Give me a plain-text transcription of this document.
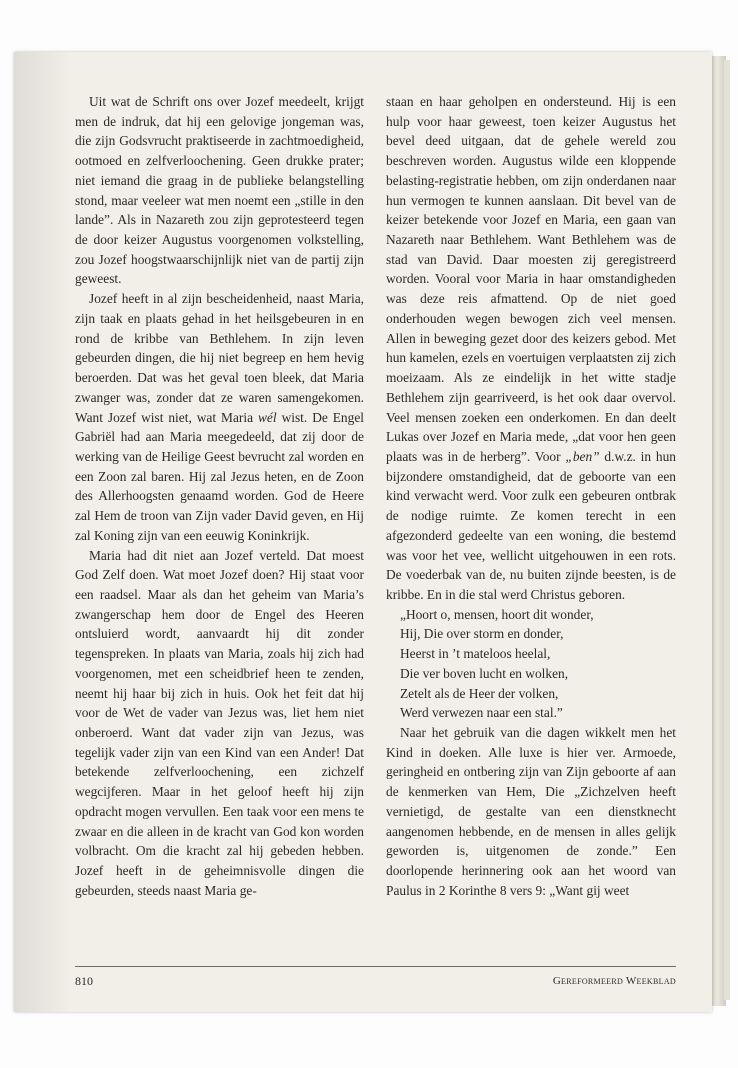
Uit wat de Schrift ons over Jozef meedeelt, krijgt men de indruk, dat hij een gelovige jongeman was, die zijn Godsvrucht praktiseerde in zachtmoedigheid, ootmoed en zelfverloochening. Geen drukke prater; niet iemand die graag in de publieke belangstelling stond, maar veeleer wat men noemt een „stille in den lande”. Als in Nazareth zou zijn geprotesteerd tegen de door keizer Augustus voorgenomen volkstelling, zou Jozef hoogstwaarschijnlijk niet van de partij zijn geweest.

Jozef heeft in al zijn bescheidenheid, naast Maria, zijn taak en plaats gehad in het heilsgebeuren in en rond de kribbe van Bethlehem. In zijn leven gebeurden dingen, die hij niet begreep en hem hevig beroerden. Dat was het geval toen bleek, dat Maria zwanger was, zonder dat ze waren samengekomen. Want Jozef wist niet, wat Maria wél wist. De Engel Gabriël had aan Maria meegedeeld, dat zij door de werking van de Heilige Geest bevrucht zal worden en een Zoon zal baren. Hij zal Jezus heten, en de Zoon des Allerhoogsten genaamd worden. God de Heere zal Hem de troon van Zijn vader David geven, en Hij zal Koning zijn van een eeuwig Koninkrijk.

Maria had dit niet aan Jozef verteld. Dat moest God Zelf doen. Wat moet Jozef doen? Hij staat voor een raadsel. Maar als dan het geheim van Maria’s zwangerschap hem door de Engel des Heeren ontsluierd wordt, aanvaardt hij dit zonder tegenspreken. In plaats van Maria, zoals hij zich had voorgenomen, met een scheidbrief heen te zenden, neemt hij haar bij zich in huis. Ook het feit dat hij voor de Wet de vader van Jezus was, liet hem niet onberoerd. Want dat vader zijn van Jezus, was tegelijk vader zijn van een Kind van een Ander! Dat betekende zelfverloochening, een zichzelf wegcijferen. Maar in het geloof heeft hij zijn opdracht mogen vervullen. Een taak voor een mens te zwaar en die alleen in de kracht van God kon worden volbracht. Om die kracht zal hij gebeden hebben. Jozef heeft in de geheimnisvolle dingen die gebeurden, steeds naast Maria ge-

staan en haar geholpen en ondersteund. Hij is een hulp voor haar geweest, toen keizer Augustus het bevel deed uitgaan, dat de gehele wereld zou beschreven worden. Augustus wilde een kloppende belasting-registratie hebben, om zijn onderdanen naar hun vermogen te kunnen aanslaan. Dit bevel van de keizer betekende voor Jozef en Maria, een gaan van Nazareth naar Bethlehem. Want Bethlehem was de stad van David. Daar moesten zij geregistreerd worden. Vooral voor Maria in haar omstandigheden was deze reis afmattend. Op de niet goed onderhouden wegen bewogen zich veel mensen. Allen in beweging gezet door des keizers gebod. Met hun kamelen, ezels en voertuigen verplaatsten zij zich moeizaam. Als ze eindelijk in het witte stadje Bethlehem zijn gearriveerd, is het ook daar overvol. Veel mensen zoeken een onderkomen. En dan deelt Lukas over Jozef en Maria mede, „dat voor hen geen plaats was in de herberg”. Voor „ben” d.w.z. in hun bijzondere omstandigheid, dat de geboorte van een kind verwacht werd. Voor zulk een gebeuren ontbrak de nodige ruimte. Ze komen terecht in een afgezonderd gedeelte van een woning, die bestemd was voor het vee, wellicht uitgehouwen in een rots. De voederbak van de, nu buiten zijnde beesten, is de kribbe. En in die stal werd Christus geboren.

„Hoort o, mensen, hoort dit wonder,
Hij, Die over storm en donder,
Heerst in ’t mateloos heelal,
Die ver boven lucht en wolken,
Zetelt als de Heer der volken,
Werd verwezen naar een stal.”

Naar het gebruik van die dagen wikkelt men het Kind in doeken. Alle luxe is hier ver. Armoede, geringheid en ontbering zijn van Zijn geboorte af aan de kenmerken van Hem, Die „Zichzelven heeft vernietigd, de gestalte van een dienstknecht aangenomen hebbende, en de mensen in alles gelijk geworden is, uitgenomen de zonde.” Een doorlopende herinnering ook aan het woord van Paulus in 2 Korinthe 8 vers 9: „Want gij weet

810	Gereformeerd Weekblad
